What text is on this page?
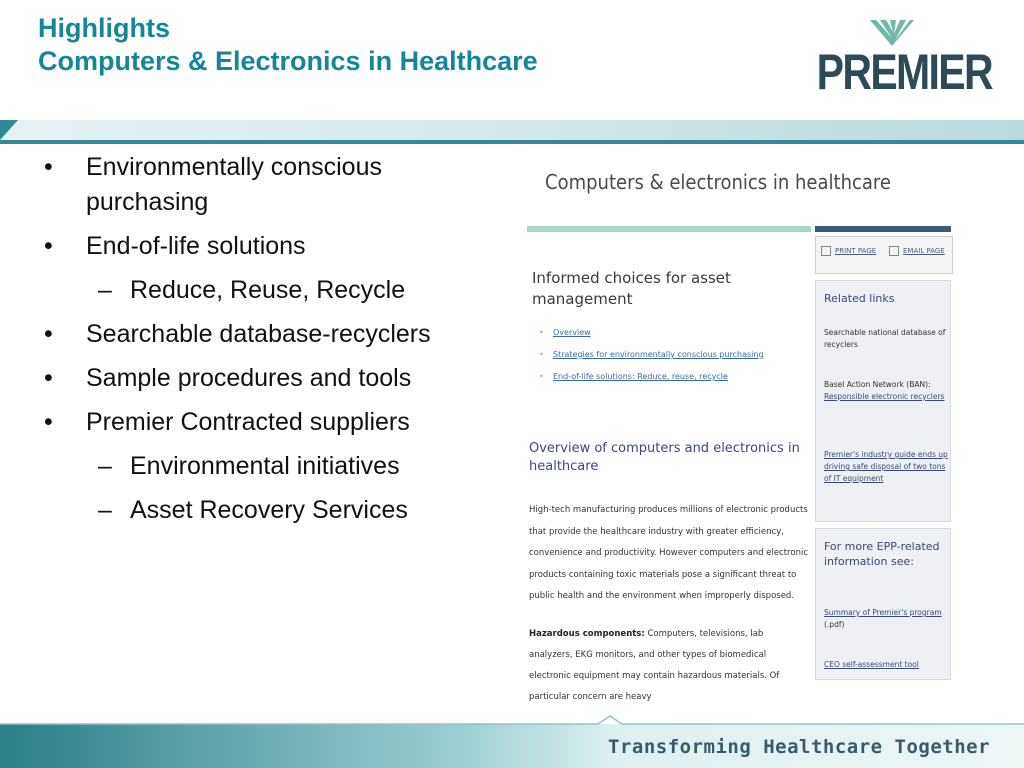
Highlights
Computers & Electronics in Healthcare	PREMIER
• Environmentally conscious purchasing
• End-of-life solutions
– Reduce, Reuse, Recycle
• Searchable database-recyclers
• Sample procedures and tools
• Premier Contracted suppliers
– Environmental initiatives
– Asset Recovery Services
Computers & electronics in healthcare
PRINT PAGE	EMAIL PAGE
Informed choices for asset management
• Overview
• Strategies for environmentally conscious purchasing
• End-of-life solutions: Reduce, reuse, recycle
Overview of computers and electronics in healthcare
High-tech manufacturing produces millions of electronic products that provide the healthcare industry with greater efficiency, convenience and productivity. However computers and electronic products containing toxic materials pose a significant threat to public health and the environment when improperly disposed.
Hazardous components: Computers, televisions, lab analyzers, EKG monitors, and other types of biomedical electronic equipment may contain hazardous materials. Of particular concern are heavy
Related links
Searchable national database of recyclers
Basel Action Network (BAN):
Responsible electronic recyclers
Premier's industry guide ends up driving safe disposal of two tons of IT equipment
For more EPP-related information see:
Summary of Premier's program (.pdf)
CEO self-assessment tool
Transforming Healthcare Together
